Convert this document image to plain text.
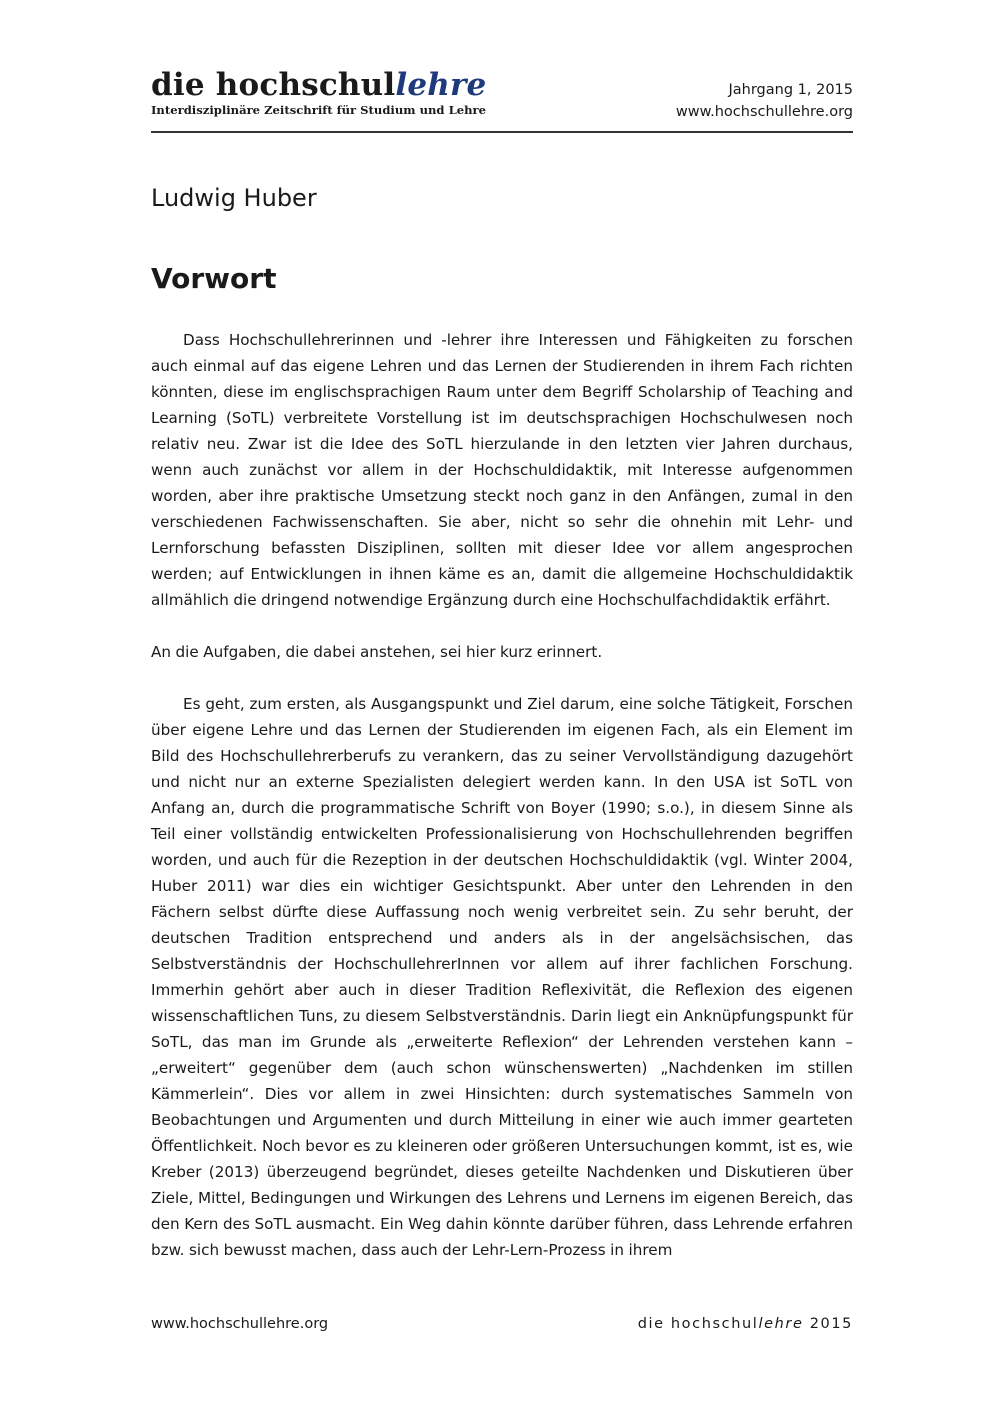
die hochschullehre
Interdisziplinäre Zeitschrift für Studium und Lehre
Jahrgang 1, 2015
www.hochschullehre.org
Ludwig Huber
Vorwort

Dass Hochschullehrerinnen und -lehrer ihre Interessen und Fähigkeiten zu forschen auch einmal auf das eigene Lehren und das Lernen der Studierenden in ihrem Fach richten könnten, diese im englischsprachigen Raum unter dem Begriff Scholarship of Teaching and Learning (SoTL) verbreitete Vorstellung ist im deutschsprachigen Hochschulwesen noch relativ neu. Zwar ist die Idee des SoTL hierzulande in den letzten vier Jahren durchaus, wenn auch zunächst vor allem in der Hochschuldidaktik, mit Interesse aufgenommen worden, aber ihre praktische Umsetzung steckt noch ganz in den Anfängen, zumal in den verschiedenen Fachwissenschaften. Sie aber, nicht so sehr die ohnehin mit Lehr- und Lernforschung befassten Disziplinen, sollten mit dieser Idee vor allem angesprochen werden; auf Entwicklungen in ihnen käme es an, damit die allgemeine Hochschuldidaktik allmählich die dringend notwendige Ergänzung durch eine Hochschulfachdidaktik erfährt.

An die Aufgaben, die dabei anstehen, sei hier kurz erinnert.

Es geht, zum ersten, als Ausgangspunkt und Ziel darum, eine solche Tätigkeit, Forschen über eigene Lehre und das Lernen der Studierenden im eigenen Fach, als ein Element im Bild des Hochschullehrerberufs zu verankern, das zu seiner Vervollständigung dazugehört und nicht nur an externe Spezialisten delegiert werden kann. In den USA ist SoTL von Anfang an, durch die programmatische Schrift von Boyer (1990; s.o.), in diesem Sinne als Teil einer vollständig entwickelten Professionalisierung von Hochschullehrenden begriffen worden, und auch für die Rezeption in der deutschen Hochschuldidaktik (vgl. Winter 2004, Huber 2011) war dies ein wichtiger Gesichtspunkt. Aber unter den Lehrenden in den Fächern selbst dürfte diese Auffassung noch wenig verbreitet sein. Zu sehr beruht, der deutschen Tradition entsprechend und anders als in der angelsächsischen, das Selbstverständnis der HochschullehrerInnen vor allem auf ihrer fachlichen Forschung. Immerhin gehört aber auch in dieser Tradition Reflexivität, die Reflexion des eigenen wissenschaftlichen Tuns, zu diesem Selbstverständnis. Darin liegt ein Anknüpfungspunkt für SoTL, das man im Grunde als „erweiterte Reflexion“ der Lehrenden verstehen kann – „erweitert“ gegenüber dem (auch schon wünschenswerten) „Nachdenken im stillen Kämmerlein“. Dies vor allem in zwei Hinsichten: durch systematisches Sammeln von Beobachtungen und Argumenten und durch Mitteilung in einer wie auch immer gearteten Öffentlichkeit. Noch bevor es zu kleineren oder größeren Untersuchungen kommt, ist es, wie Kreber (2013) überzeugend begründet, dieses geteilte Nachdenken und Diskutieren über Ziele, Mittel, Bedingungen und Wirkungen des Lehrens und Lernens im eigenen Bereich, das den Kern des SoTL ausmacht. Ein Weg dahin könnte darüber führen, dass Lehrende erfahren bzw. sich bewusst machen, dass auch der Lehr-Lern-Prozess in ihrem

www.hochschullehre.org	die hochschullehre 2015
